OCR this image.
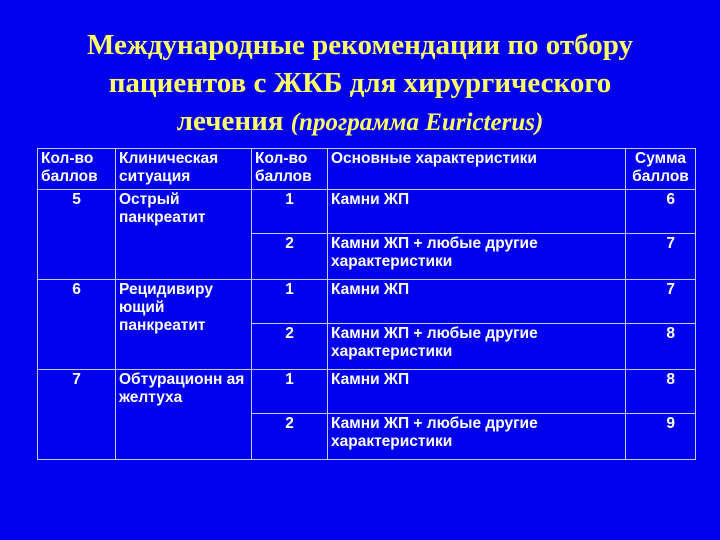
Международные рекомендации по отбору
пациентов с ЖКБ для хирургического
лечения (программа Euricterus)
Кол-во баллов	Клиническая ситуация	Кол-во баллов	Основные характеристики	Сумма баллов
5	Острый панкреатит	1	Камни ЖП	6
		2	Камни ЖП + любые другие характеристики	7
6	Рецидивиру ющий панкреатит	1	Камни ЖП	7
		2	Камни ЖП + любые другие характеристики	8
7	Обтурационн ая желтуха	1	Камни ЖП	8
		2	Камни ЖП + любые другие характеристики	9
